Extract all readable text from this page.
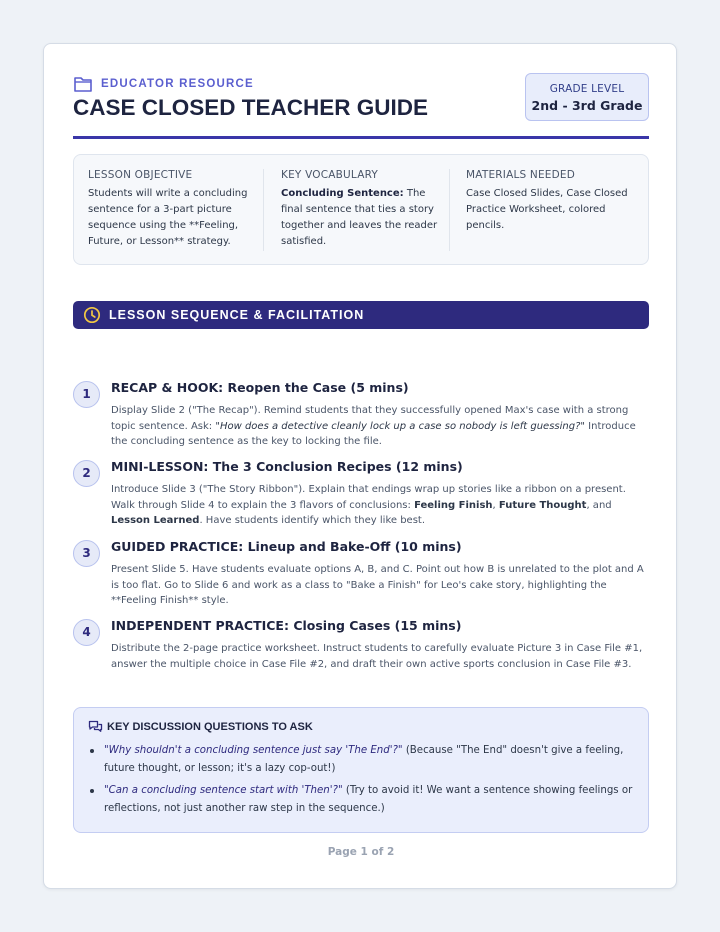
EDUCATOR RESOURCE
CASE CLOSED TEACHER GUIDE
GRADE LEVEL
2nd - 3rd Grade
LESSON OBJECTIVE
Students will write a concluding sentence for a 3-part picture sequence using the **Feeling, Future, or Lesson** strategy.
KEY VOCABULARY
Concluding Sentence: The final sentence that ties a story together and leaves the reader satisfied.
MATERIALS NEEDED
Case Closed Slides, Case Closed Practice Worksheet, colored pencils.
LESSON SEQUENCE & FACILITATION
1	RECAP & HOOK: Reopen the Case (5 mins)
Display Slide 2 ("The Recap"). Remind students that they successfully opened Max's case with a strong topic sentence. Ask: "How does a detective cleanly lock up a case so nobody is left guessing?" Introduce the concluding sentence as the key to locking the file.
2	MINI-LESSON: The 3 Conclusion Recipes (12 mins)
Introduce Slide 3 ("The Story Ribbon"). Explain that endings wrap up stories like a ribbon on a present. Walk through Slide 4 to explain the 3 flavors of conclusions: Feeling Finish, Future Thought, and Lesson Learned. Have students identify which they like best.
3	GUIDED PRACTICE: Lineup and Bake-Off (10 mins)
Present Slide 5. Have students evaluate options A, B, and C. Point out how B is unrelated to the plot and A is too flat. Go to Slide 6 and work as a class to "Bake a Finish" for Leo's cake story, highlighting the **Feeling Finish** style.
4	INDEPENDENT PRACTICE: Closing Cases (15 mins)
Distribute the 2-page practice worksheet. Instruct students to carefully evaluate Picture 3 in Case File #1, answer the multiple choice in Case File #2, and draft their own active sports conclusion in Case File #3.
KEY DISCUSSION QUESTIONS TO ASK
"Why shouldn't a concluding sentence just say 'The End'?" (Because "The End" doesn't give a feeling, future thought, or lesson; it's a lazy cop-out!)
"Can a concluding sentence start with 'Then'?" (Try to avoid it! We want a sentence showing feelings or reflections, not just another raw step in the sequence.)
Page 1 of 2
